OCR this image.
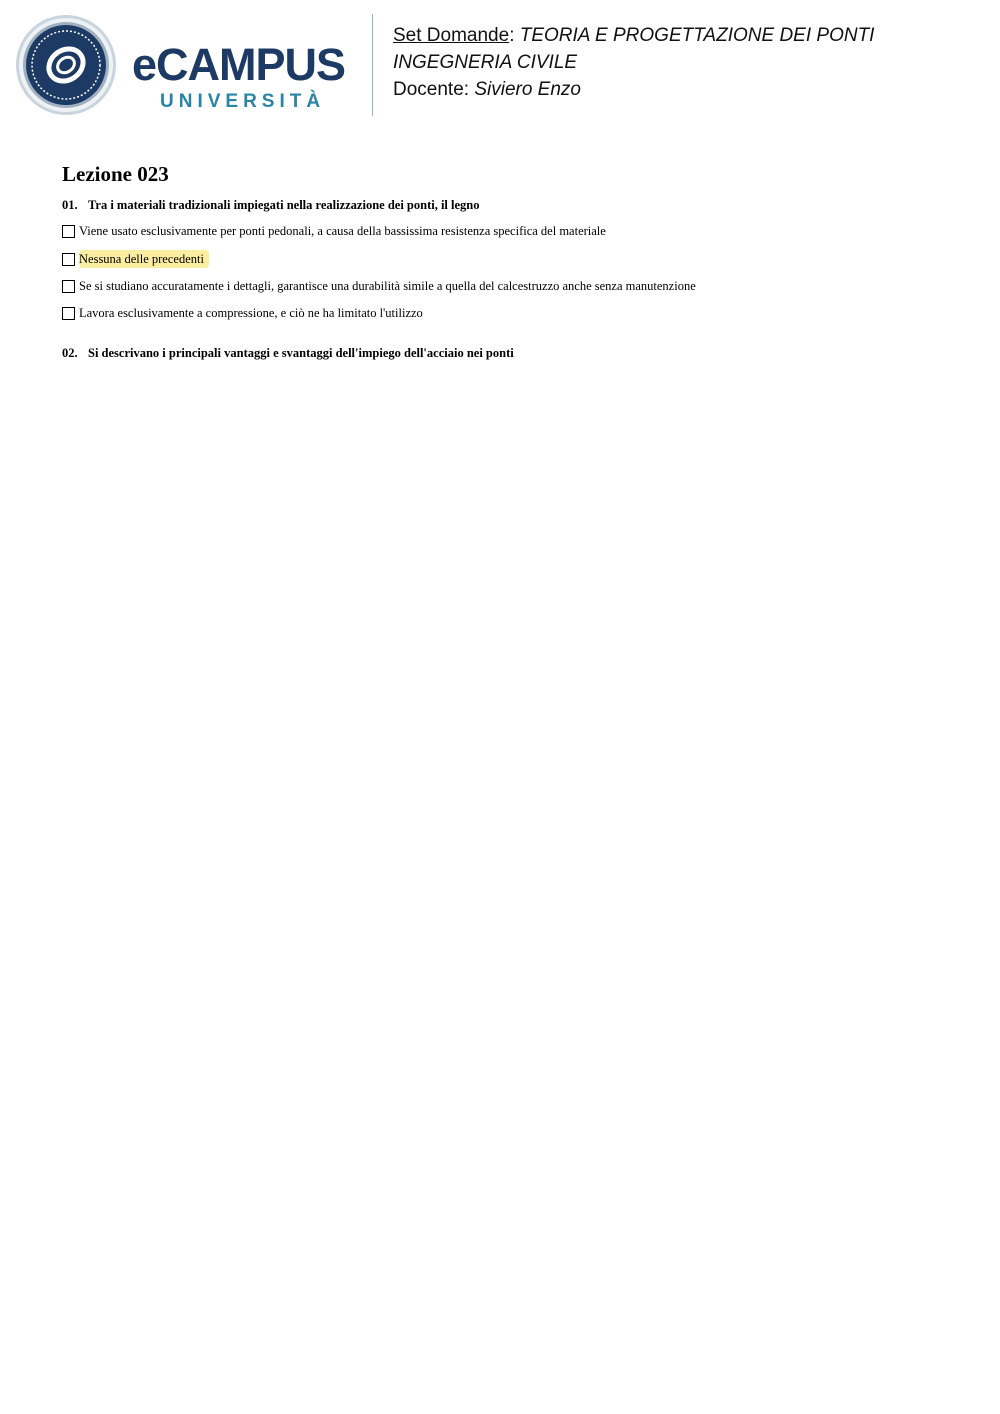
eCAMPUS
UNIVERSITÀ
Set Domande: TEORIA E PROGETTAZIONE DEI PONTI
INGEGNERIA CIVILE
Docente: Siviero Enzo
Lezione 023
01. Tra i materiali tradizionali impiegati nella realizzazione dei ponti, il legno
Viene usato esclusivamente per ponti pedonali, a causa della bassissima resistenza specifica del materiale
Nessuna delle precedenti
Se si studiano accuratamente i dettagli, garantisce una durabilità simile a quella del calcestruzzo anche senza manutenzione
Lavora esclusivamente a compressione, e ciò ne ha limitato l'utilizzo
02. Si descrivano i principali vantaggi e svantaggi dell'impiego dell'acciaio nei ponti
